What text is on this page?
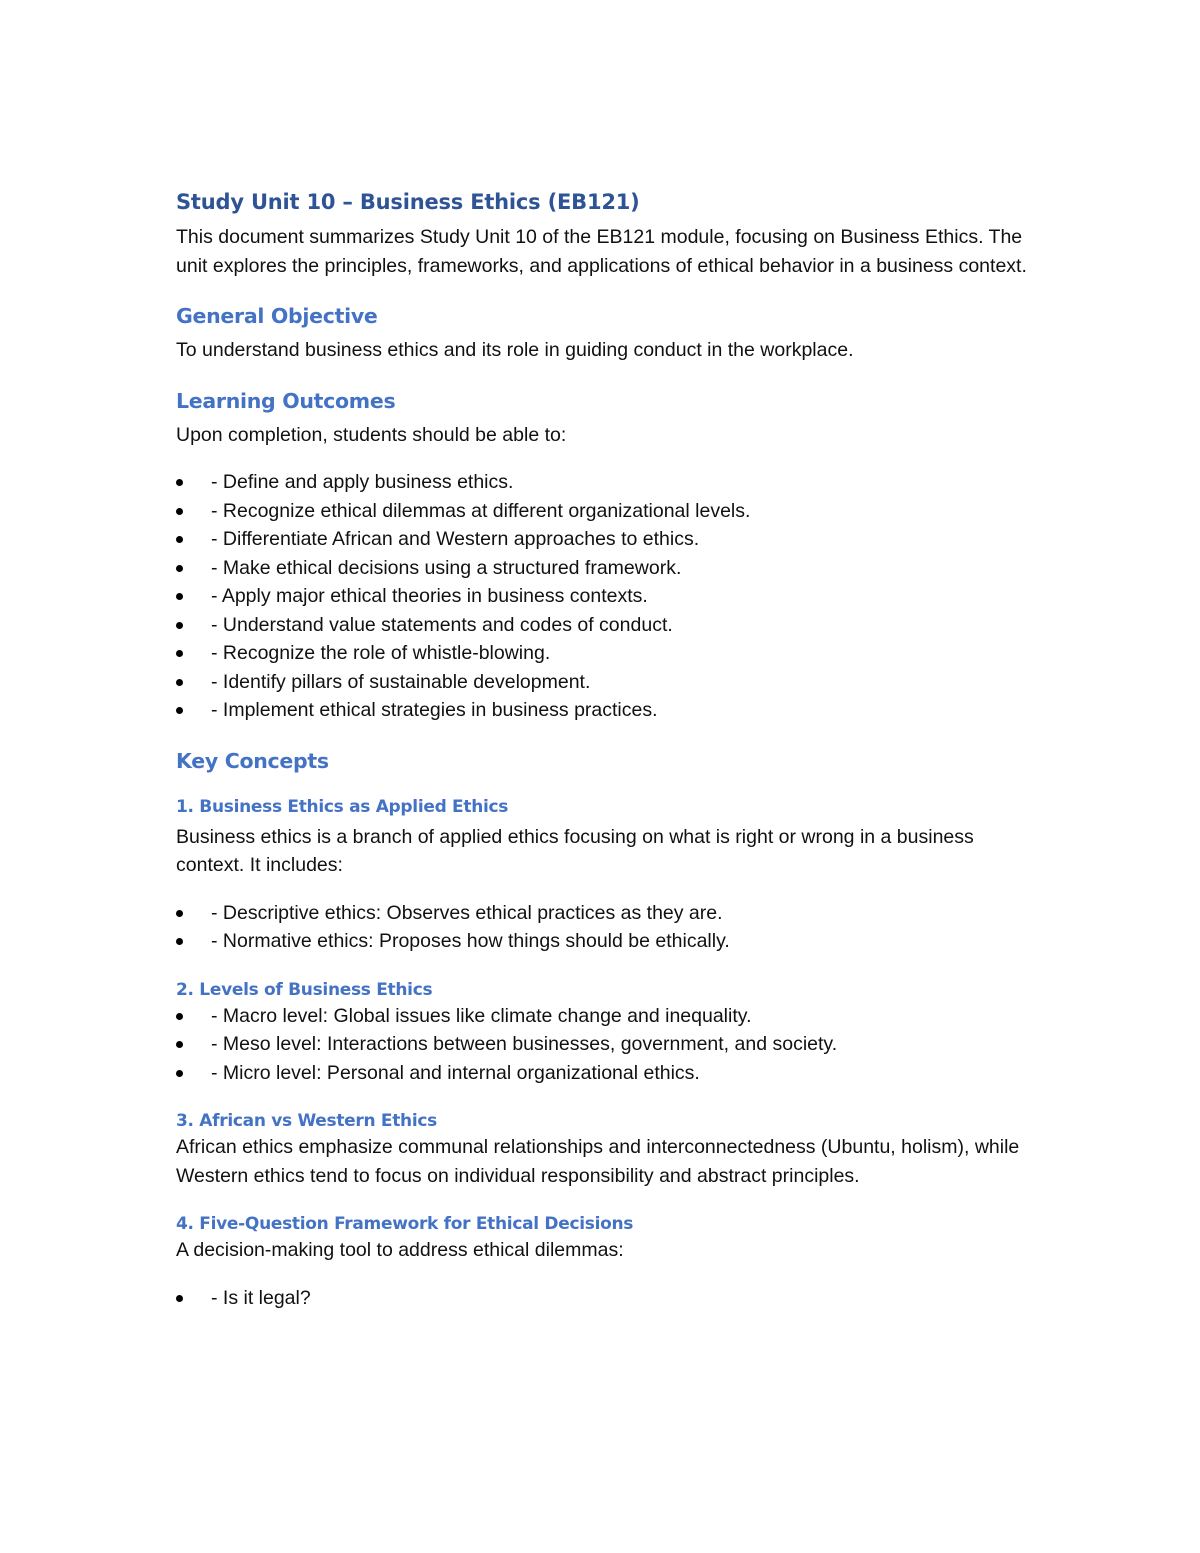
Study Unit 10 – Business Ethics (EB121)

This document summarizes Study Unit 10 of the EB121 module, focusing on Business Ethics. The unit explores the principles, frameworks, and applications of ethical behavior in a business context.

General Objective

To understand business ethics and its role in guiding conduct in the workplace.

Learning Outcomes

Upon completion, students should be able to:

- Define and apply business ethics.
- Recognize ethical dilemmas at different organizational levels.
- Differentiate African and Western approaches to ethics.
- Make ethical decisions using a structured framework.
- Apply major ethical theories in business contexts.
- Understand value statements and codes of conduct.
- Recognize the role of whistle-blowing.
- Identify pillars of sustainable development.
- Implement ethical strategies in business practices.
Key Concepts
1. Business Ethics as Applied Ethics

Business ethics is a branch of applied ethics focusing on what is right or wrong in a business context. It includes:

- Descriptive ethics: Observes ethical practices as they are.
- Normative ethics: Proposes how things should be ethically.
2. Levels of Business Ethics
- Macro level: Global issues like climate change and inequality.
- Meso level: Interactions between businesses, government, and society.
- Micro level: Personal and internal organizational ethics.
3. African vs Western Ethics

African ethics emphasize communal relationships and interconnectedness (Ubuntu, holism), while Western ethics tend to focus on individual responsibility and abstract principles.

4. Five-Question Framework for Ethical Decisions

A decision-making tool to address ethical dilemmas:

- Is it legal?
